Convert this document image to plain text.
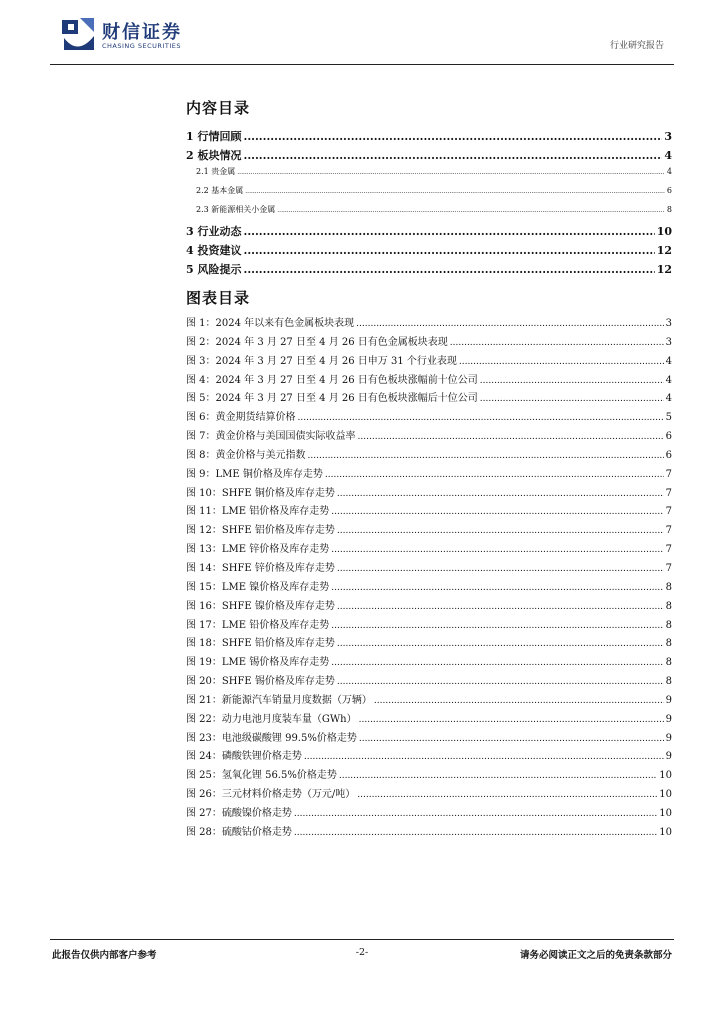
财信证券
CHASING SECURITIES	行业研究报告
内容目录
1 行情回顾 .....	3
2 板块情况 .....	4
2.1 贵金属 .....	4
2.2 基本金属 .....	6
2.3 新能源相关小金属 .....	8
3 行业动态 .....	10
4 投资建议 .....	12
5 风险提示 .....	12
图表目录
图 1：2024 年以来有色金属板块表现 .....	3
图 2：2024 年 3 月 27 日至 4 月 26 日有色金属板块表现 .....	3
图 3：2024 年 3 月 27 日至 4 月 26 日申万 31 个行业表现 .....	4
图 4：2024 年 3 月 27 日至 4 月 26 日有色板块涨幅前十位公司 .....	4
图 5：2024 年 3 月 27 日至 4 月 26 日有色板块涨幅后十位公司 .....	4
图 6：黄金期货结算价格 .....	5
图 7：黄金价格与美国国债实际收益率 .....	6
图 8：黄金价格与美元指数 .....	6
图 9：LME 铜价格及库存走势 .....	7
图 10：SHFE 铜价格及库存走势 .....	7
图 11：LME 铝价格及库存走势 .....	7
图 12：SHFE 铝价格及库存走势 .....	7
图 13：LME 锌价格及库存走势 .....	7
图 14：SHFE 锌价格及库存走势 .....	7
图 15：LME 镍价格及库存走势 .....	8
图 16：SHFE 镍价格及库存走势 .....	8
图 17：LME 铅价格及库存走势 .....	8
图 18：SHFE 铅价格及库存走势 .....	8
图 19：LME 锡价格及库存走势 .....	8
图 20：SHFE 锡价格及库存走势 .....	8
图 21：新能源汽车销量月度数据（万辆） .....	9
图 22：动力电池月度装车量（GWh） .....	9
图 23：电池级碳酸锂 99.5%价格走势 .....	9
图 24：磷酸铁锂价格走势 .....	9
图 25：氢氧化锂 56.5%价格走势 .....	10
图 26：三元材料价格走势（万元/吨） .....	10
图 27：硫酸镍价格走势 .....	10
图 28：硫酸钴价格走势 .....	10
此报告仅供内部客户参考	-2-	请务必阅读正文之后的免责条款部分
